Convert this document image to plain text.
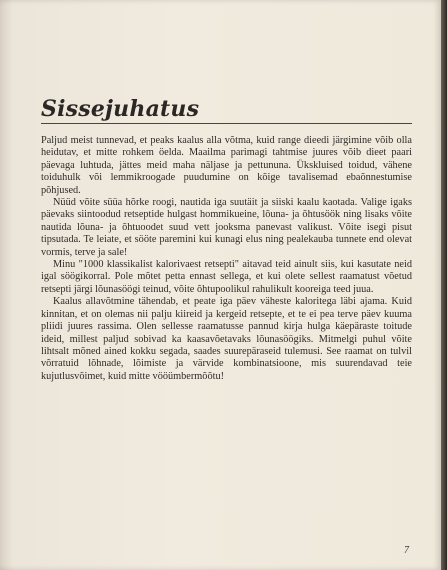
Sissejuhatus

Paljud meist tunnevad, et peaks kaalus alla võtma, kuid range dieedi järgimine võib olla heidutav, et mitte rohkem öelda. Maailma parimagi tahtmise juures võib dieet paari päevaga luhtuda, jättes meid maha näljase ja pettununa. Ükskluised toidud, vähene toiduhulk või lemmikroogade puudumine on kõige tavalisemad ebaõnnestumise põhjused.

Nüüd võite süüa hõrke roogi, nautida iga suutäit ja siiski kaalu kaotada. Valige igaks päevaks siintoodud retseptide hulgast hommikueine, lõuna- ja õhtusöök ning lisaks võite nautida lõuna- ja õhtuoodet suud vett jooksma panevast valikust. Võite isegi pisut tipsutada. Te leiate, et sööte paremini kui kunagi elus ning pealekauba tunnete end olevat vormis, terve ja sale!

Minu "1000 klassikalist kalorivaest retsepti" aitavad teid ainult siis, kui kasutate neid igal söögikorral. Pole mõtet petta ennast sellega, et kui olete sellest raamatust võetud retsepti järgi lõunasöögi teinud, võite õhtupoolikul rahulikult kooreiga teed juua.

Kaalus allavõtmine tähendab, et peate iga päev väheste kaloritega läbi ajama. Kuid kinnitan, et on olemas nii palju kiireid ja kergeid retsepte, et te ei pea terve päev kuuma pliidi juures rassima. Olen sellesse raamatusse pannud kirja hulga käepäraste toitude ideid, millest paljud sobivad ka kaasavõetavaks lõunasöögiks. Mitmelgi puhul võite lihtsalt mõned ained kokku segada, saades suurepäraseid tulemusi. See raamat on tulvil võrratuid lõhnade, lõimiste ja värvide kombinatsioone, mis suurendavad teie kujutlusvõimet, kuid mitte vööümbermõõtu!

7
